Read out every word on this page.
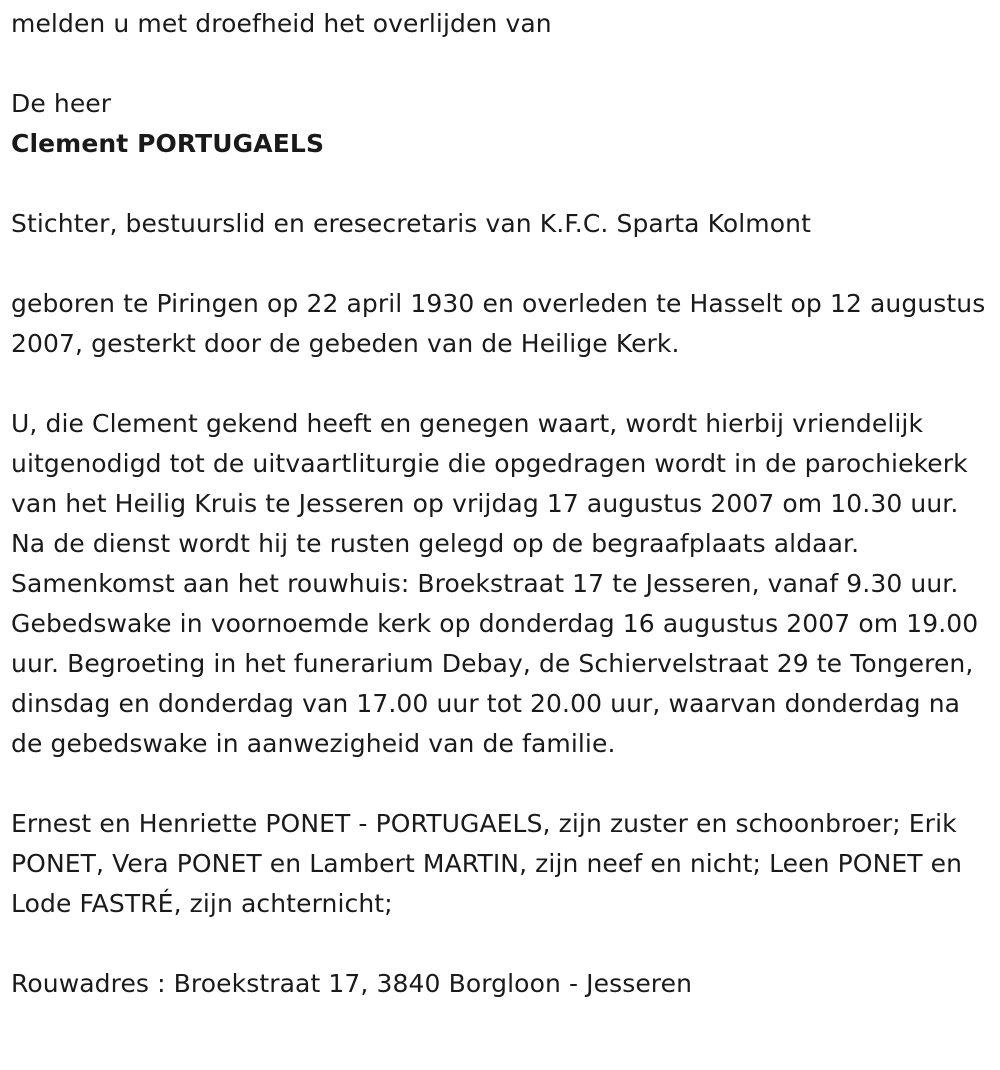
melden u met droefheid het overlijden van

De heer

Clement PORTUGAELS

Stichter, bestuurslid en eresecretaris van K.F.C. Sparta Kolmont

geboren te Piringen op 22 april 1930 en overleden te Hasselt op 12 augustus 2007, gesterkt door de gebeden van de Heilige Kerk.

U, die Clement gekend heeft en genegen waart, wordt hierbij vriendelijk uitgenodigd tot de uitvaartliturgie die opgedragen wordt in de parochiekerk van het Heilig Kruis te Jesseren op vrijdag 17 augustus 2007 om 10.30 uur. Na de dienst wordt hij te rusten gelegd op de begraafplaats aldaar. Samenkomst aan het rouwhuis: Broekstraat 17 te Jesseren, vanaf 9.30 uur. Gebedswake in voornoemde kerk op donderdag 16 augustus 2007 om 19.00 uur. Begroeting in het funerarium Debay, de Schiervelstraat 29 te Tongeren, dinsdag en donderdag van 17.00 uur tot 20.00 uur, waarvan donderdag na de gebedswake in aanwezigheid van de familie.

Ernest en Henriette PONET - PORTUGAELS, zijn zuster en schoonbroer; Erik PONET, Vera PONET en Lambert MARTIN, zijn neef en nicht; Leen PONET en Lode FASTRÉ, zijn achternicht;

Rouwadres : Broekstraat 17, 3840 Borgloon - Jesseren
